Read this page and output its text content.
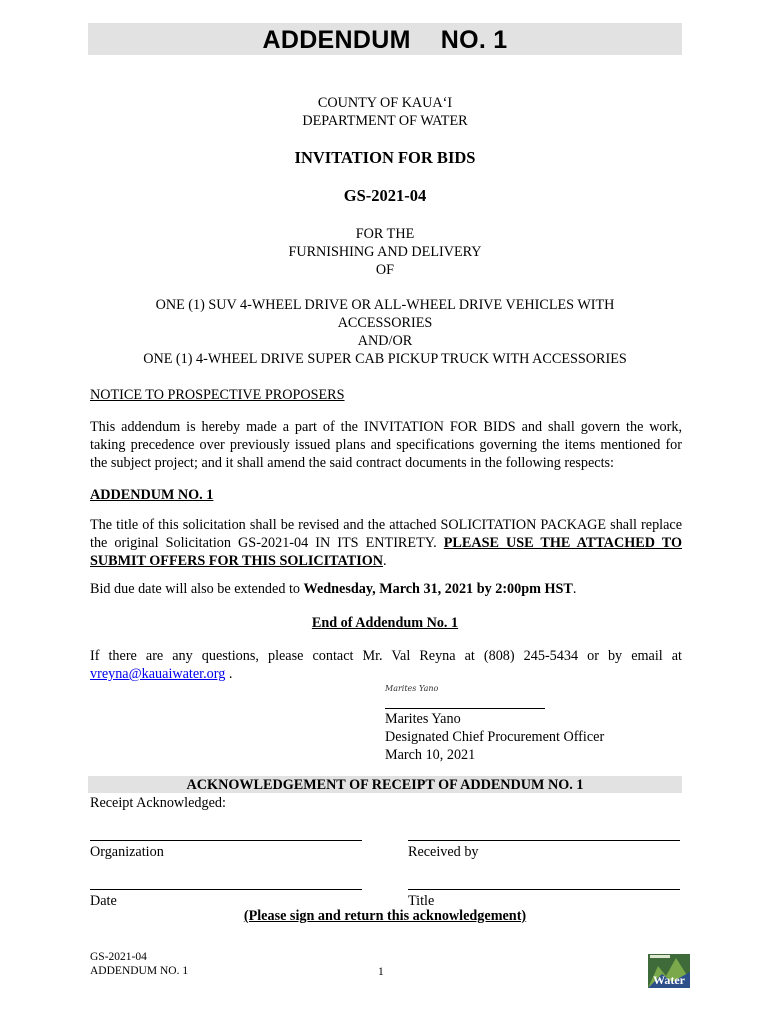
ADDENDUM NO. 1
COUNTY OF KAUA‘I
DEPARTMENT OF WATER
INVITATION FOR BIDS
GS-2021-04
FOR THE
FURNISHING AND DELIVERY
OF
ONE (1) SUV 4-WHEEL DRIVE OR ALL-WHEEL DRIVE VEHICLES WITH
ACCESSORIES
AND/OR
ONE (1) 4-WHEEL DRIVE SUPER CAB PICKUP TRUCK WITH ACCESSORIES
NOTICE TO PROSPECTIVE PROPOSERS
This addendum is hereby made a part of the INVITATION FOR BIDS and shall govern the work, taking precedence over previously issued plans and specifications governing the items mentioned for the subject project; and it shall amend the said contract documents in the following respects:
ADDENDUM NO. 1
The title of this solicitation shall be revised and the attached SOLICITATION PACKAGE shall replace the original Solicitation GS-2021-04 IN ITS ENTIRETY. PLEASE USE THE ATTACHED TO SUBMIT OFFERS FOR THIS SOLICITATION.
Bid due date will also be extended to Wednesday, March 31, 2021 by 2:00pm HST.
End of Addendum No. 1
If there are any questions, please contact Mr. Val Reyna at (808) 245-5434 or by email at vreyna@kauaiwater.org .
Marites Yano
Marites Yano
Designated Chief Procurement Officer
March 10, 2021
ACKNOWLEDGEMENT OF RECEIPT OF ADDENDUM NO. 1
Receipt Acknowledged:
Organization	Received by
Date	Title
(Please sign and return this acknowledgement)
GS-2021-04
ADDENDUM NO. 1	1
Water
